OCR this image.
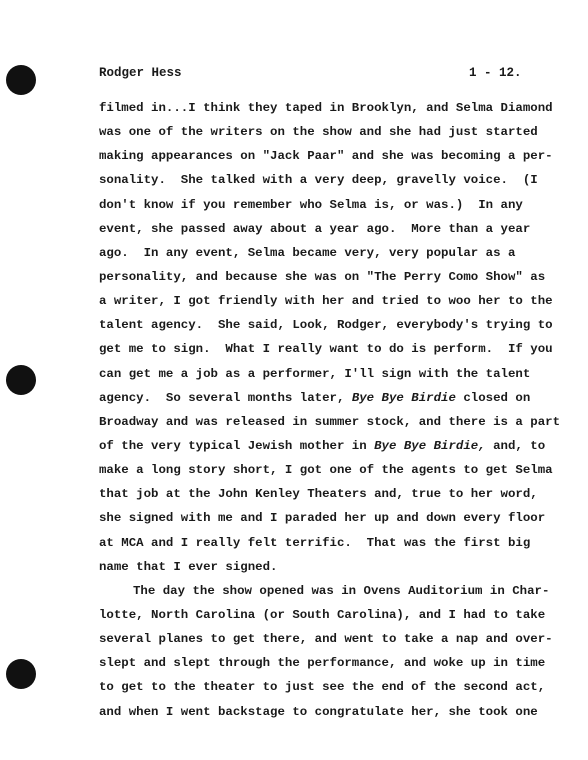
Rodger Hess	1 - 12.
filmed in...I think they taped in Brooklyn, and Selma Diamond
was one of the writers on the show and she had just started
making appearances on "Jack Paar" and she was becoming a per-
sonality.  She talked with a very deep, gravelly voice.  (I
don't know if you remember who Selma is, or was.)  In any
event, she passed away about a year ago.  More than a year
ago.  In any event, Selma became very, very popular as a
personality, and because she was on "The Perry Como Show" as
a writer, I got friendly with her and tried to woo her to the
talent agency.  She said, Look, Rodger, everybody's trying to
get me to sign.  What I really want to do is perform.  If you
can get me a job as a performer, I'll sign with the talent
agency.  So several months later, Bye Bye Birdie closed on
Broadway and was released in summer stock, and there is a part
of the very typical Jewish mother in Bye Bye Birdie, and, to
make a long story short, I got one of the agents to get Selma
that job at the John Kenley Theaters and, true to her word,
she signed with me and I paraded her up and down every floor
at MCA and I really felt terrific.  That was the first big
name that I ever signed.
The day the show opened was in Ovens Auditorium in Char-
lotte, North Carolina (or South Carolina), and I had to take
several planes to get there, and went to take a nap and over-
slept and slept through the performance, and woke up in time
to get to the theater to just see the end of the second act,
and when I went backstage to congratulate her, she took one
